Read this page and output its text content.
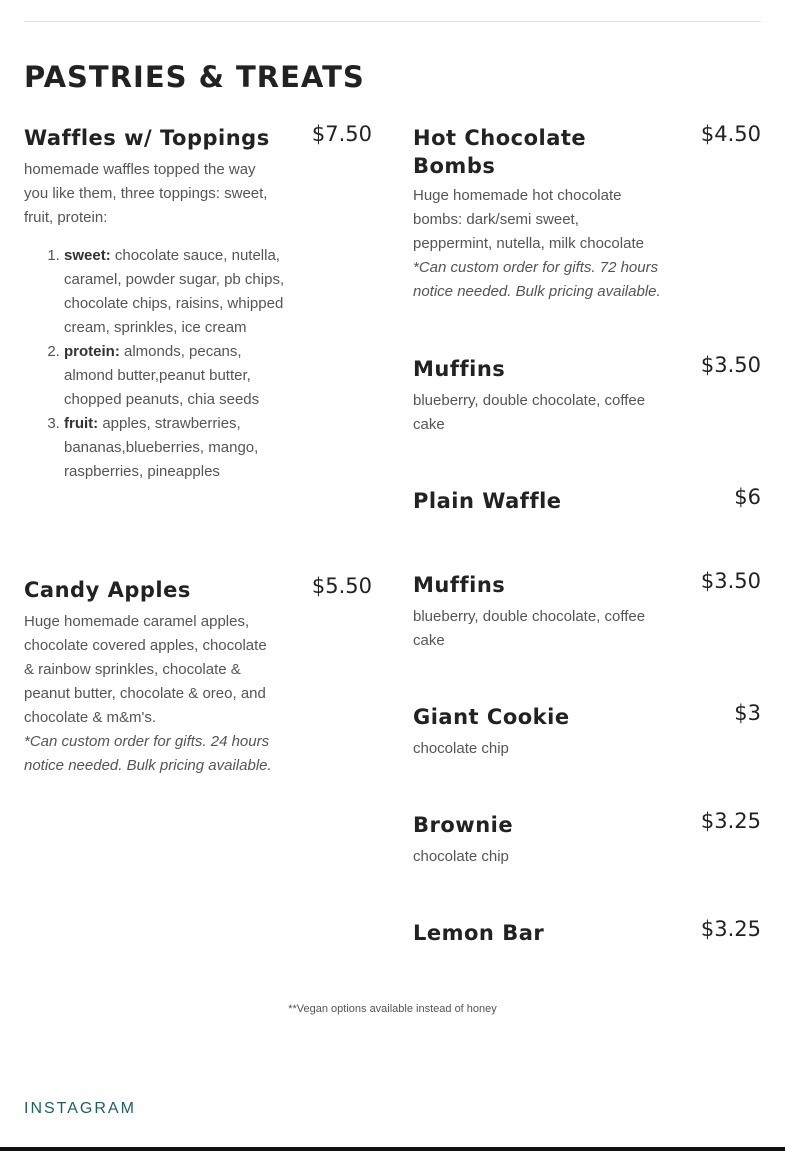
PASTRIES & TREATS
Waffles w/ Toppings $7.50

homemade waffles topped the way you like them, three toppings: sweet, fruit, protein:

1. sweet: chocolate sauce, nutella, caramel, powder sugar, pb chips, chocolate chips, raisins, whipped cream, sprinkles, ice cream
2. protein: almonds, pecans, almond butter,peanut butter, chopped peanuts, chia seeds
3. fruit: apples, strawberries, bananas,blueberries, mango, raspberries, pineapples
Candy Apples	$5.50

Huge homemade caramel apples, chocolate covered apples, chocolate & rainbow sprinkles, chocolate & peanut butter, chocolate & oreo, and chocolate & m&m's.

*Can custom order for gifts. 24 hours notice needed. Bulk pricing available.

Hot Chocolate Bombs
$4.50

Huge homemade hot chocolate bombs: dark/semi sweet, peppermint, nutella, milk chocolate

*Can custom order for gifts. 72 hours notice needed. Bulk pricing available.

Muffins	$3.50

blueberry, double chocolate, coffee cake

Plain Waffle	$6
Muffins	$3.50

blueberry, double chocolate, coffee cake

Giant Cookie	$3

chocolate chip

Brownie	$3.25

chocolate chip

Lemon Bar	$3.25
**Vegan options available instead of honey
INSTAGRAM
